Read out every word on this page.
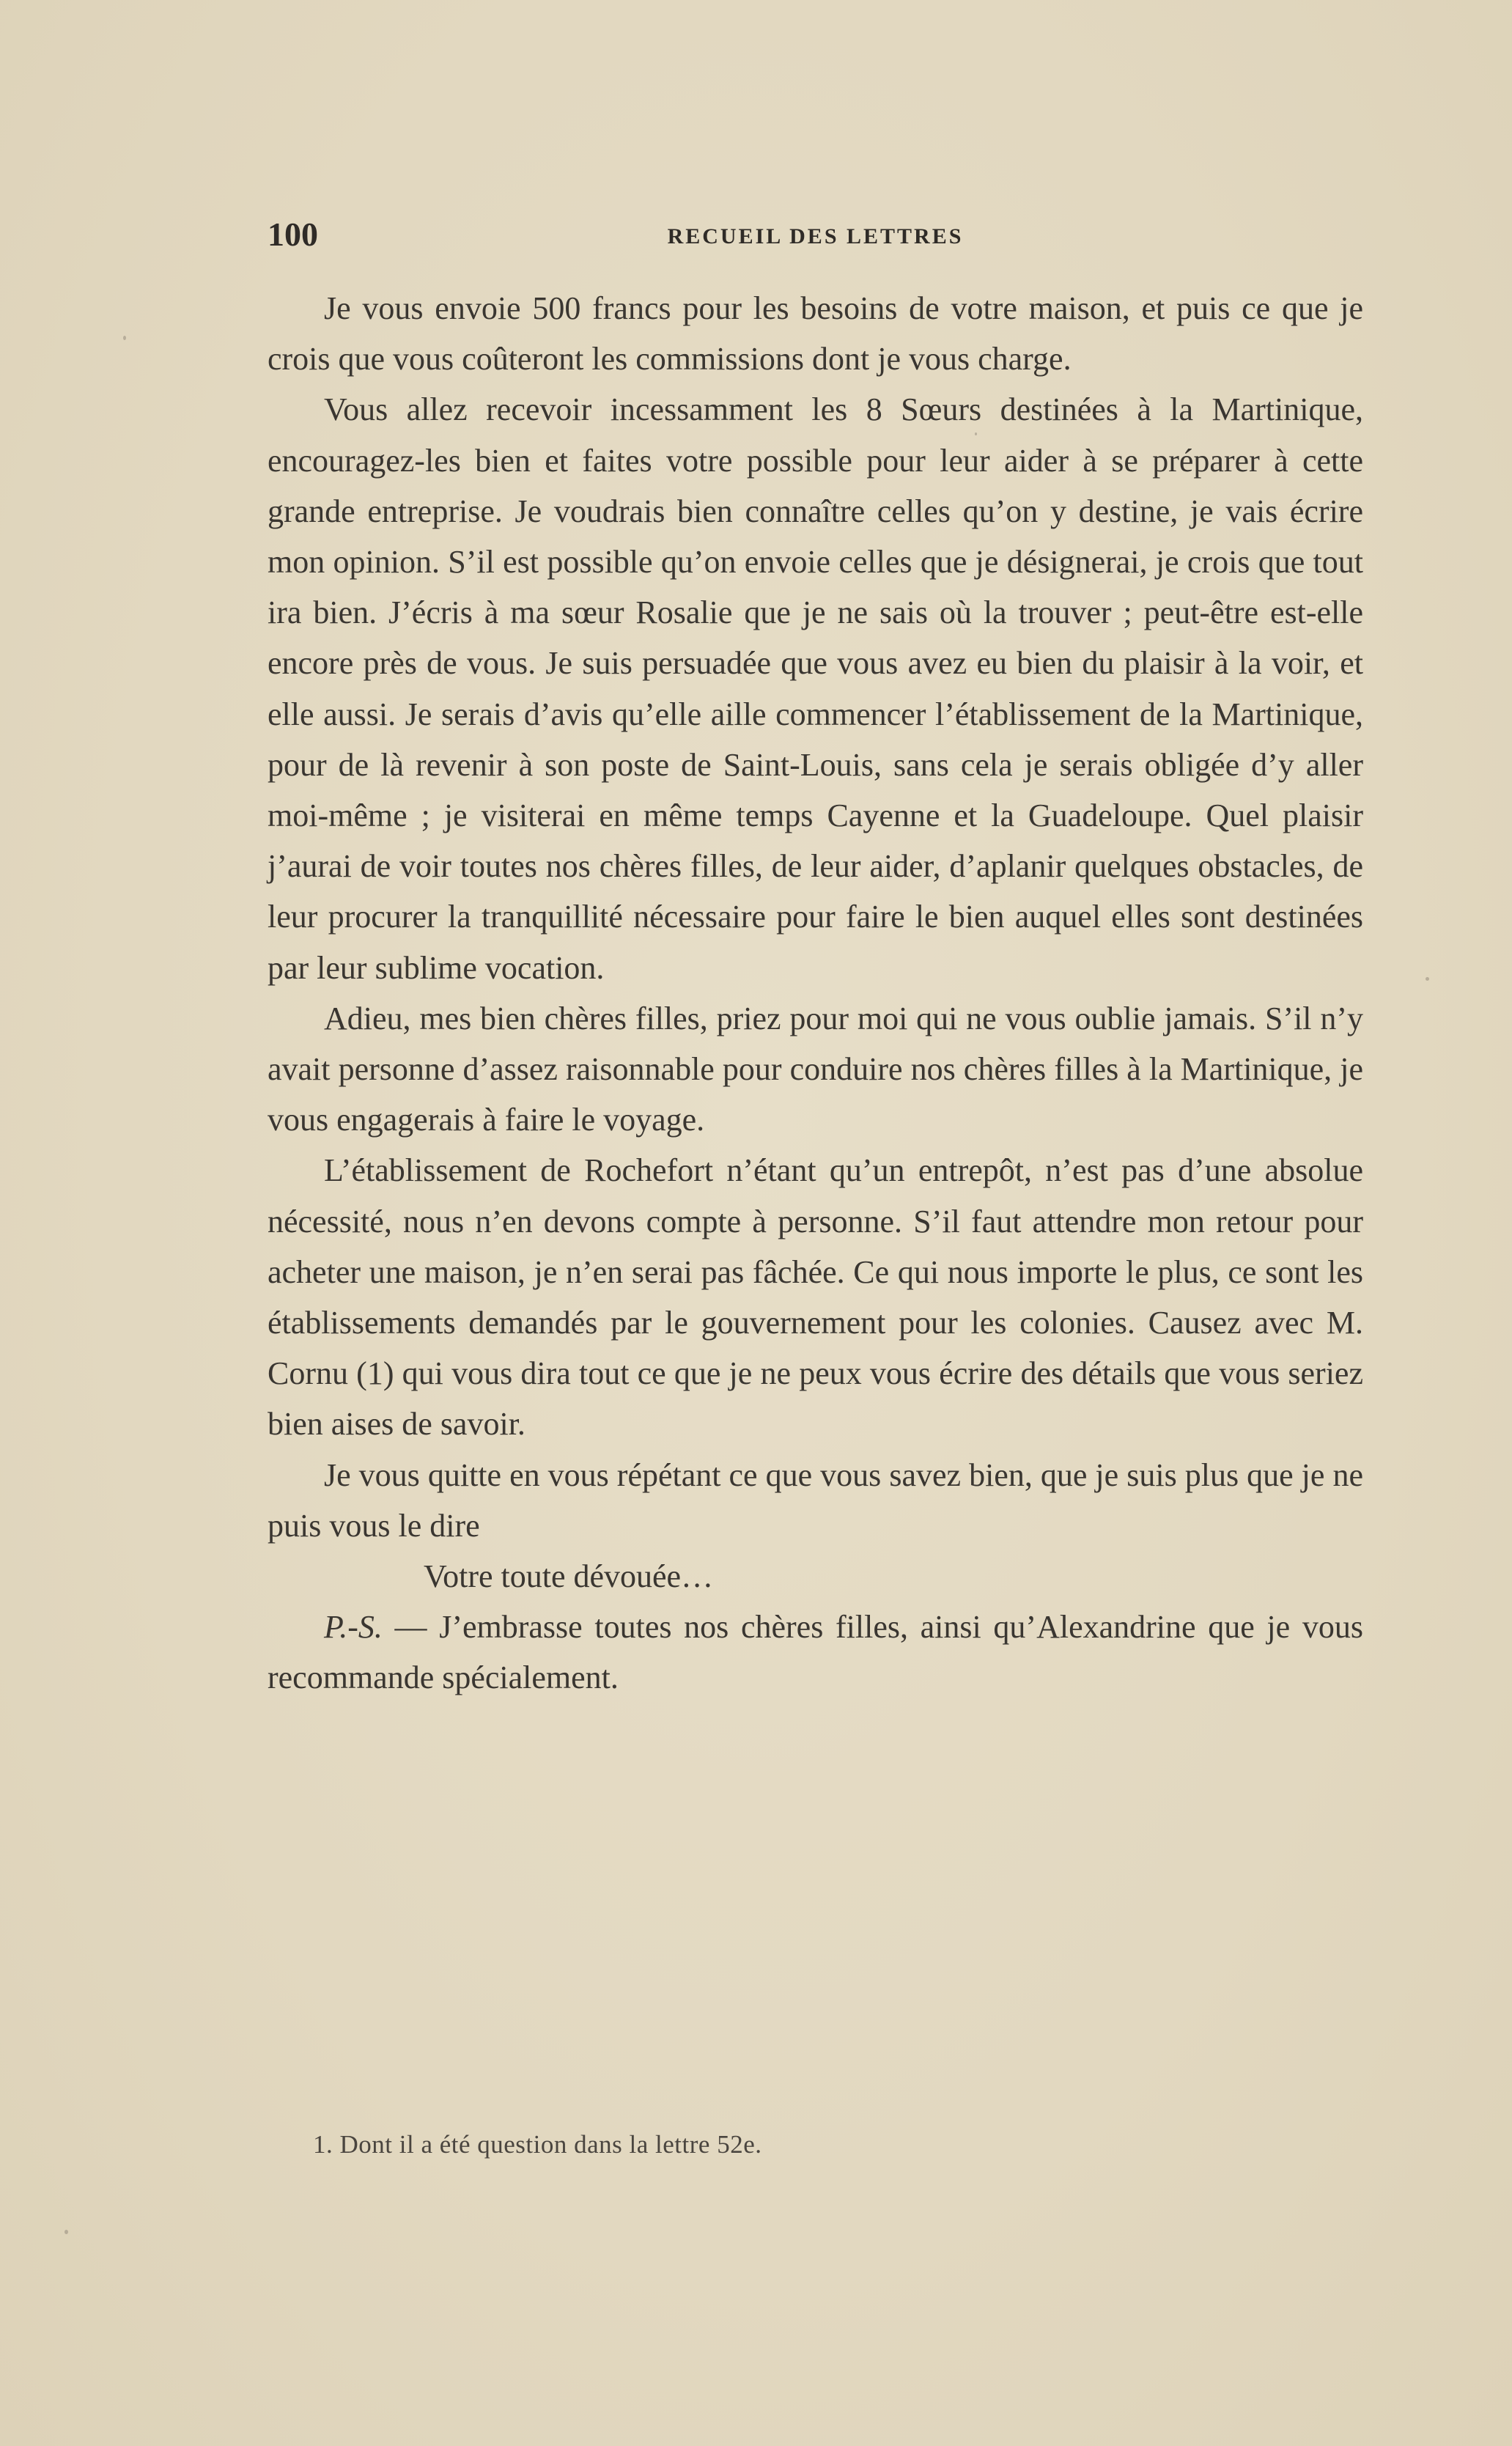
100	RECUEIL DES LETTRES

Je vous envoie 500 francs pour les besoins de votre maison, et puis ce que je crois que vous coûteront les commissions dont je vous charge.

Vous allez recevoir incessamment les 8 Sœurs destinées à la Martinique, encouragez-les bien et faites votre possible pour leur aider à se préparer à cette grande entreprise. Je voudrais bien connaître celles qu’on y destine, je vais écrire mon opinion. S’il est possible qu’on envoie celles que je désignerai, je crois que tout ira bien. J’écris à ma sœur Rosalie que je ne sais où la trouver ; peut-être est-elle encore près de vous. Je suis persuadée que vous avez eu bien du plaisir à la voir, et elle aussi. Je serais d’avis qu’elle aille commencer l’établissement de la Martinique, pour de là revenir à son poste de Saint-Louis, sans cela je serais obligée d’y aller moi-même ; je visiterai en même temps Cayenne et la Guadeloupe. Quel plaisir j’aurai de voir toutes nos chères filles, de leur aider, d’aplanir quelques obstacles, de leur procurer la tranquillité nécessaire pour faire le bien auquel elles sont destinées par leur sublime vocation.

Adieu, mes bien chères filles, priez pour moi qui ne vous oublie jamais. S’il n’y avait personne d’assez raisonnable pour conduire nos chères filles à la Martinique, je vous engagerais à faire le voyage.

L’établissement de Rochefort n’étant qu’un entrepôt, n’est pas d’une absolue nécessité, nous n’en devons compte à personne. S’il faut attendre mon retour pour acheter une maison, je n’en serai pas fâchée. Ce qui nous importe le plus, ce sont les établissements demandés par le gouvernement pour les colonies. Causez avec M. Cornu (1) qui vous dira tout ce que je ne peux vous écrire des détails que vous seriez bien aises de savoir.

Je vous quitte en vous répétant ce que vous savez bien, que je suis plus que je ne puis vous le dire

Votre toute dévouée…

P.-S. — J’embrasse toutes nos chères filles, ainsi qu’Alexandrine que je vous recommande spécialement.

1. Dont il a été question dans la lettre 52e.
